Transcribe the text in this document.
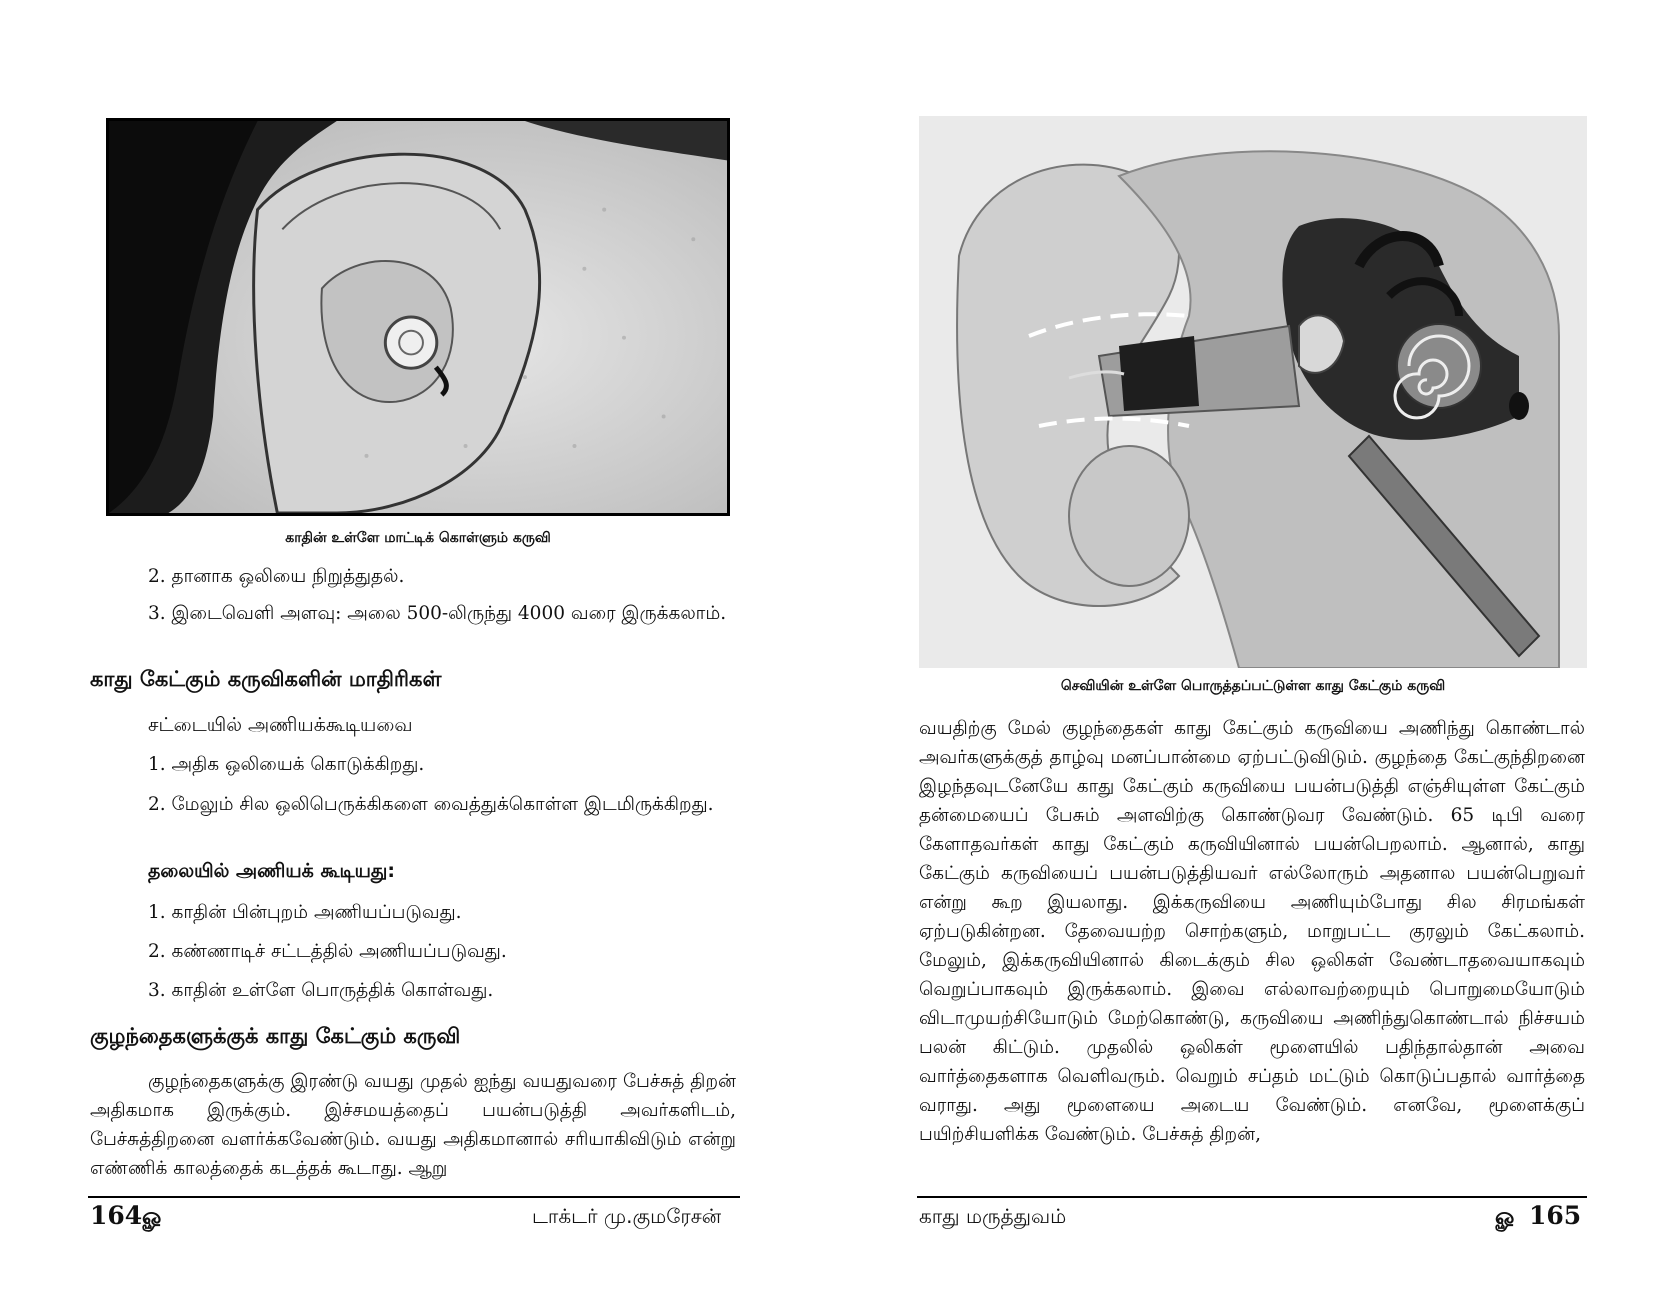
காதின் உள்ளே மாட்டிக் கொள்ளும் கருவி

2. தானாக ஒலியை நிறுத்துதல்.

3. இடைவெளி அளவு: அலை 500-லிருந்து 4000 வரை இருக்கலாம்.

காது கேட்கும் கருவிகளின் மாதிரிகள்
சட்டையில் அணியக்கூடியவை

1. அதிக ஒலியைக் கொடுக்கிறது.

2. மேலும் சில ஒலிபெருக்கிகளை வைத்துக்கொள்ள இடமிருக்கிறது.

தலையில் அணியக் கூடியது:

1. காதின் பின்புறம் அணியப்படுவது.

2. கண்ணாடிச் சட்டத்தில் அணியப்படுவது.

3. காதின் உள்ளே பொருத்திக் கொள்வது.

குழந்தைகளுக்குக் காது கேட்கும் கருவி

குழந்தைகளுக்கு இரண்டு வயது முதல் ஐந்து வயதுவரை பேச்சுத் திறன் அதிகமாக இருக்கும். இச்சமயத்தைப் பயன்படுத்தி அவர்களிடம், பேச்சுத்திறனை வளர்க்கவேண்டும். வயது அதிகமானால் சரியாகிவிடும் என்று எண்ணிக் காலத்தைக் கடத்தக் கூடாது. ஆறு

164 ௐ	டாக்டர் மு.குமரேசன்
செவியின் உள்ளே பொருத்தப்பட்டுள்ள காது கேட்கும் கருவி

வயதிற்கு மேல் குழந்தைகள் காது கேட்கும் கருவியை அணிந்து கொண்டால் அவர்களுக்குத் தாழ்வு மனப்பான்மை ஏற்பட்டுவிடும். குழந்தை கேட்குந்திறனை இழந்தவுடனேயே காது கேட்கும் கருவியை பயன்படுத்தி எஞ்சியுள்ள கேட்கும் தன்மையைப் பேசும் அளவிற்கு கொண்டுவர வேண்டும். 65 டிபி வரை கேளாதவர்கள் காது கேட்கும் கருவியினால் பயன்பெறலாம். ஆனால், காது கேட்கும் கருவியைப் பயன்படுத்தியவர் எல்லோரும் அதனால பயன்பெறுவர் என்று கூற இயலாது. இக்கருவியை அணியும்போது சில சிரமங்கள் ஏற்படுகின்றன. தேவையற்ற சொற்களும், மாறுபட்ட குரலும் கேட்கலாம். மேலும், இக்கருவியினால் கிடைக்கும் சில ஒலிகள் வேண்டாதவையாகவும் வெறுப்பாகவும் இருக்கலாம். இவை எல்லாவற்றையும் பொறுமையோடும் விடாமுயற்சியோடும் மேற்கொண்டு, கருவியை அணிந்துகொண்டால் நிச்சயம் பலன் கிட்டும். முதலில் ஒலிகள் மூளையில் பதிந்தால்தான் அவை வார்த்தைகளாக வெளிவரும். வெறும் சப்தம் மட்டும் கொடுப்பதால் வார்த்தை வராது. அது மூளையை அடைய வேண்டும். எனவே, மூளைக்குப் பயிற்சியளிக்க வேண்டும். பேச்சுத் திறன்,

காது மருத்துவம்	ௐ 165
